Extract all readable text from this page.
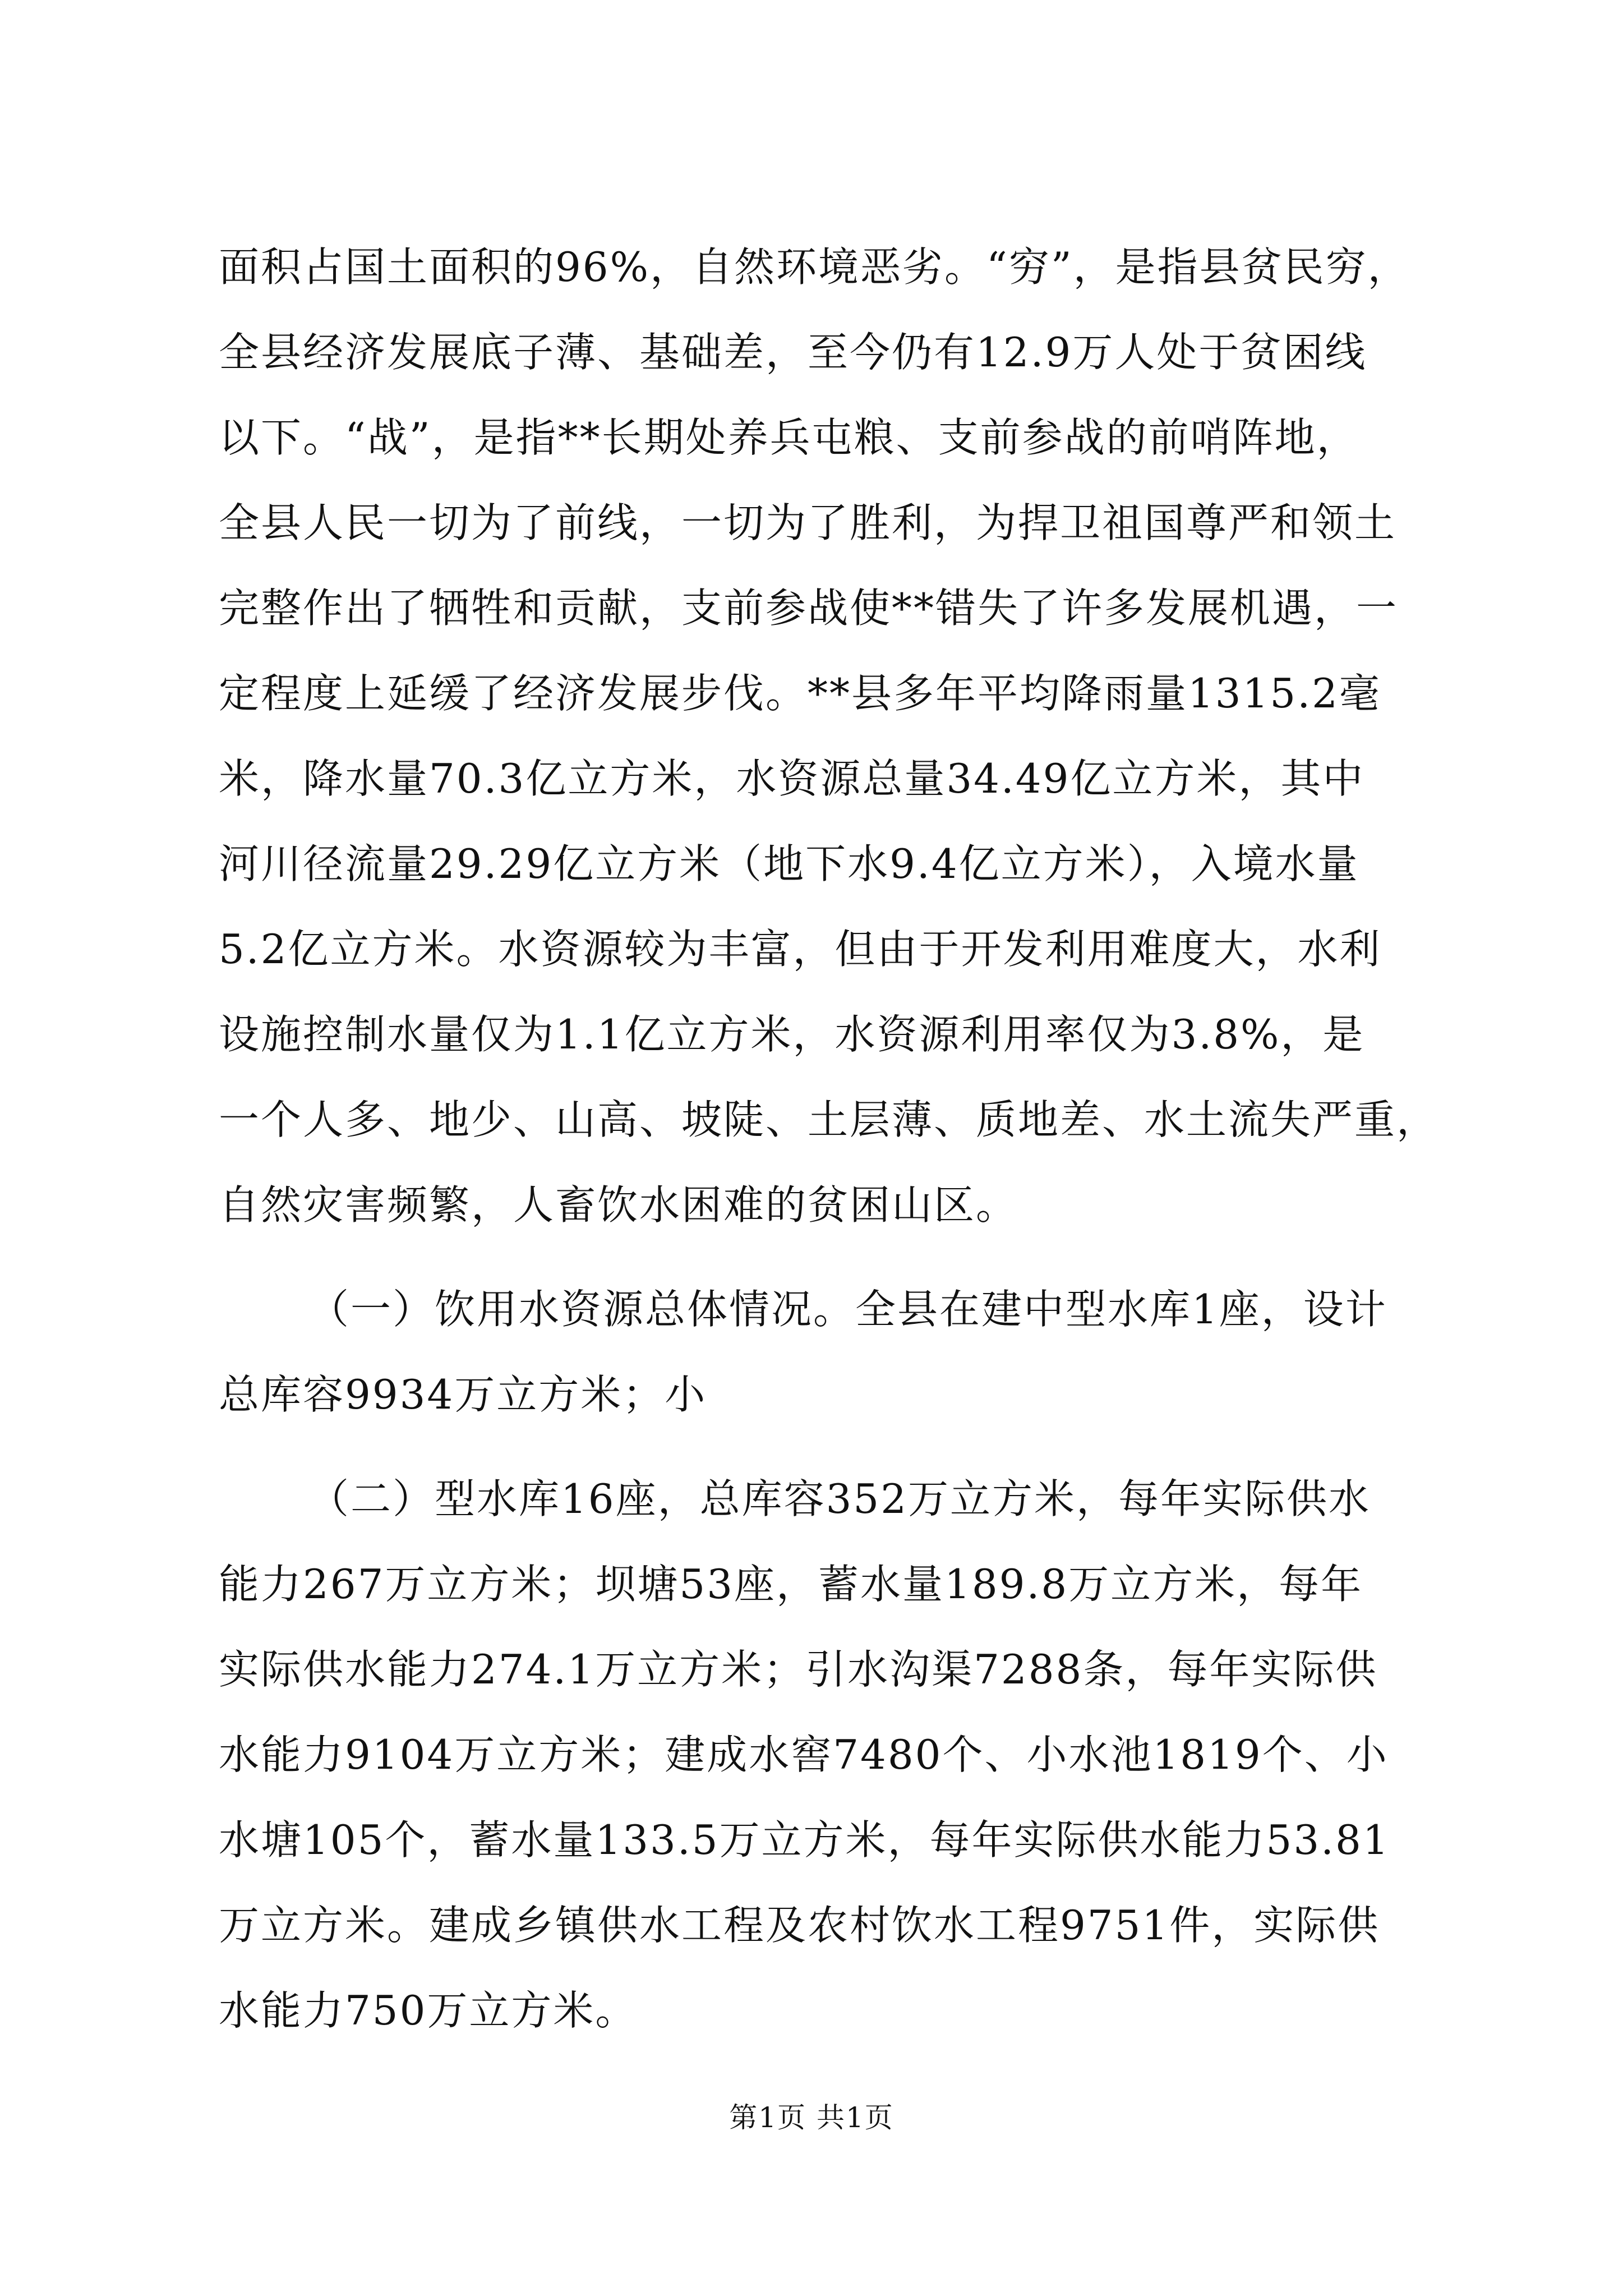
面积占国土面积的96%，自然环境恶劣。“穷”，是指县贫民穷，
全县经济发展底子薄、基础差，至今仍有12.9万人处于贫困线
以下。“战”，是指**长期处养兵屯粮、支前参战的前哨阵地，
全县人民一切为了前线，一切为了胜利，为捍卫祖国尊严和领土
完整作出了牺牲和贡献，支前参战使**错失了许多发展机遇，一
定程度上延缓了经济发展步伐。**县多年平均降雨量1315.2毫
米，降水量70.3亿立方米，水资源总量34.49亿立方米，其中
河川径流量29.29亿立方米（地下水9.4亿立方米），入境水量
5.2亿立方米。水资源较为丰富，但由于开发利用难度大，水利
设施控制水量仅为1.1亿立方米，水资源利用率仅为3.8%，是
一个人多、地少、山高、坡陡、土层薄、质地差、水土流失严重，
自然灾害频繁，人畜饮水困难的贫困山区。
（一）饮用水资源总体情况。全县在建中型水库1座，设计
总库容9934万立方米；小
（二）型水库16座，总库容352万立方米，每年实际供水
能力267万立方米；坝塘53座，蓄水量189.8万立方米，每年
实际供水能力274.1万立方米；引水沟渠7288条，每年实际供
水能力9104万立方米；建成水窖7480个、小水池1819个、小
水塘105个，蓄水量133.5万立方米，每年实际供水能力53.81
万立方米。建成乡镇供水工程及农村饮水工程9751件，实际供
水能力750万立方米。
第1页 共1页
